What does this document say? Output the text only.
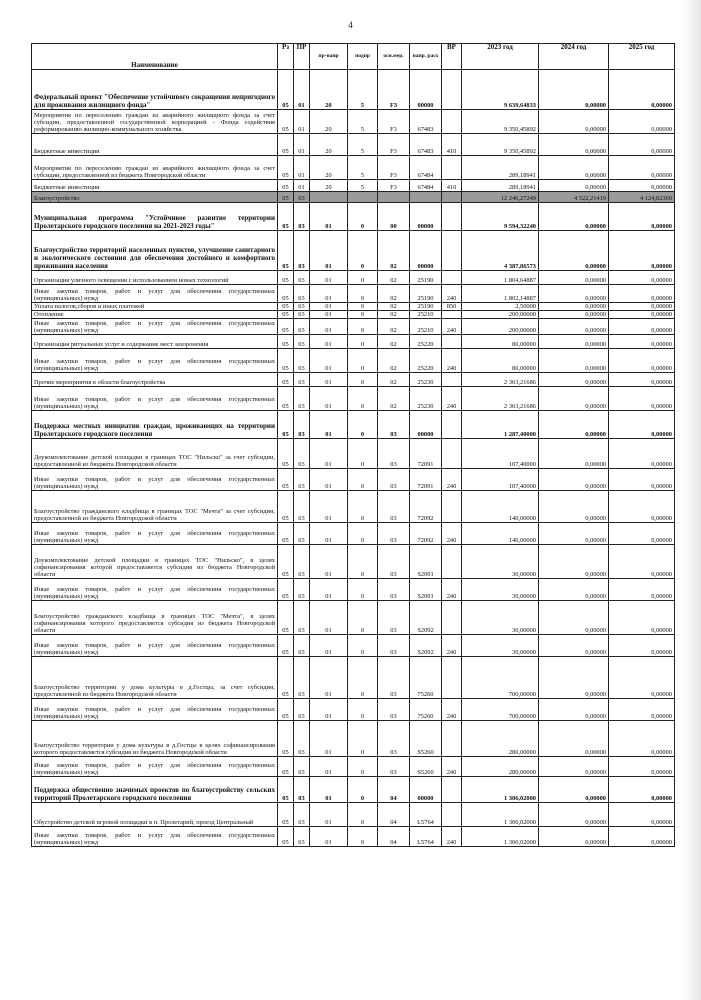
4
Наименование	Рз	ПР	пр-напр	подпр	осн.мер.	напр. расх	ВР	2023 год	2024 год	2025 год
Федеральный проект "Обеспечение устойчивого сокращения непригодного для проживания жилищного фонда"	05	01	20	5	F3	00000		9 639,64833	0,00000	0,00000
Мероприятия по переселению граждан из аварийного жилищного фонда за счет субсидии, предоставленной государственной корпорацией - Фонда содействия реформированию жилищно-коммунального хозяйства	05	01	20	5	F3	67483		9 350,45892	0,00000	0,00000
Бюджетные инвестиции	05	01	20	5	F3	67483	410	9 350,45892	0,00000	0,00000
Мероприятия по переселению граждан из аварийного жилищного фонда за счет субсидии, предоставленной из бюджета Новгородской области	05	01	20	5	F3	67484		289,18941	0,00000	0,00000
Бюджетные инвестиции	05	01	20	5	F3	67484	410	289,18941	0,00000	0,00000
Благоустройство	05	03						12 246,27249	4 522,21419	4 124,82369
Муниципальная программа "Устойчивое развитие территории Пролетарского городского поселения на 2021-2023 годы"	05	03	01	0	00	00000		9 594,32240	0,00000	0,00000
Благоустройство территорий населенных пунктов, улучшение санитарного и экологического состояния для обеспечения достойного и комфортного проживания населения	05	03	01	0	02	00000		4 387,86573	0,00000	0,00000
Организация уличного освещения с использованием новых технологий	05	03	01	0	02	25190		1 804,64887	0,00000	0,00000
Иные закупки товаров, работ и услуг для обеспечения государственных (муниципальных) нужд	05	03	01	0	02	25190	240	1 802,14887	0,00000	0,00000
Уплата налогов,сборов и иных платежей	05	03	01	0	02	25190	850	2,50000	0,00000	0,00000
Отопление	05	03	01	0	02	25210		200,00000	0,00000	0,00000
Иные закупки товаров, работ и услуг для обеспечения государственных (муниципальных) нужд	05	03	01	0	02	25210	240	200,00000	0,00000	0,00000
Организация ритуальных услуг и содержание мест захоронения	05	03	01	0	02	25220		80,00000	0,00000	0,00000
Иные закупки товаров, работ и услуг для обеспечения государственных (муниципальных) нужд	05	03	01	0	02	25220	240	80,00000	0,00000	0,00000
Прочие мероприятия в области благоустройства	05	03	01	0	02	25230		2 303,21686	0,00000	0,00000
Иные закупки товаров, работ и услуг для обеспечения государственных (муниципальных) нужд	05	03	01	0	02	25230	240	2 303,21686	0,00000	0,00000
Поддержка местных инициатив граждан, проживающих на территории Пролетарского городского поселения	05	03	01	0	03	00000		1 287,40000	0,00000	0,00000
Доукомплектование детской площадки в границах ТОС "Нильско" за счет субсидии, предоставленной из бюджета Новгородской области	05	03	01	0	03	72091		107,40000	0,00000	0,00000
Иные закупки товаров, работ и услуг для обеспечения государственных (муниципальных) нужд	05	03	01	0	03	72091	240	107,40000	0,00000	0,00000
Благоустройство гражданского кладбища в границах ТОС "Мечта" за счет субсидии, предоставленной из бюджета Новгородской области	05	03	01	0	03	72092		140,00000	0,00000	0,00000
Иные закупки товаров, работ и услуг для обеспечения государственных (муниципальных) нужд	05	03	01	0	03	72092	240	140,00000	0,00000	0,00000
Доукомплектование детской площадки в границах ТОС "Нильско", в целях софинансирования которой предоставляется субсидия из бюджета Новгородской области	05	03	01	0	03	S2091		30,00000	0,00000	0,00000
Иные закупки товаров, работ и услуг для обеспечения государственных (муниципальных) нужд	05	03	01	0	03	S2091	240	30,00000	0,00000	0,00000
Благоустройство гражданского кладбища в границах ТОС "Мечта", в целях софинансирования которого предоставляется субсидия из бюджета Новгородской области	05	03	01	0	03	S2092		30,00000	0,00000	0,00000
Иные закупки товаров, работ и услуг для обеспечения государственных (муниципальных) нужд	05	03	01	0	03	S2092	240	30,00000	0,00000	0,00000
Благоустройство территории у дома культуры в д.Гостцы, за счет субсидии, предоставленной из бюджета Новгородской области	05	03	01	0	03	75260		700,00000	0,00000	0,00000
Иные закупки товаров, работ и услуг для обеспечения государственных (муниципальных) нужд	05	03	01	0	03	75260	240	700,00000	0,00000	0,00000
Благоустройство территории у дома культуры в д.Гостцы в целях софинансирования которого предоставляется субсидия из бюджета Новгородской области	05	03	01	0	03	S5260		280,00000	0,00000	0,00000
Иные закупки товаров, работ и услуг для обеспечения государственных (муниципальных) нужд	05	03	01	0	03	S5260	240	280,00000	0,00000	0,00000
Поддержка общественно значимых проектов по благоустройству сельских территорий Пролетарского городского поселения	05	03	01	0	04	00000		1 306,02000	0,00000	0,00000
Обустройство детской игровой площадки в п. Пролетарий, проезд Центральный	05	03	01	0	04	L5764		1 306,02000	0,00000	0,00000
Иные закупки товаров, работ и услуг для обеспечения государственных (муниципальных) нужд	05	03	01	0	04	L5764	240	1 306,02000	0,00000	0,00000
